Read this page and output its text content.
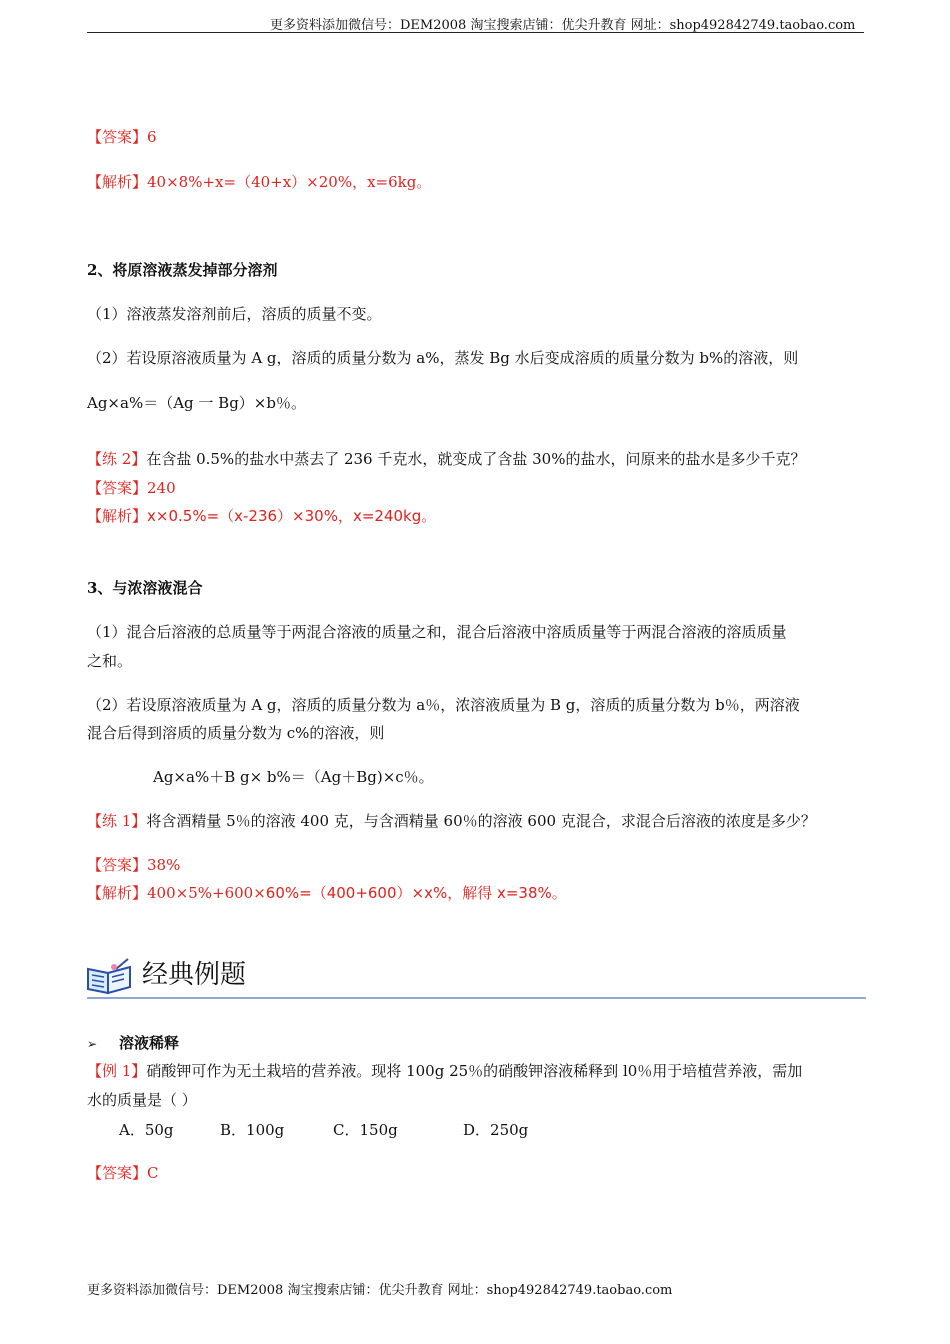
更多资料添加微信号：DEM2008 淘宝搜索店铺：优尖升教育 网址：shop492842749.taobao.com
【答案】6
【解析】40×8%+x=（40+x）×20%，x=6kg。
2、将原溶液蒸发掉部分溶剂
（1）溶液蒸发溶剂前后，溶质的质量不变。
（2）若设原溶液质量为 A g，溶质的质量分数为 a%，蒸发 Bg 水后变成溶质的质量分数为 b%的溶液，则
Ag×a%＝（Ag 一 Bg）×b％。
【练 2】在含盐 0.5%的盐水中蒸去了 236 千克水，就变成了含盐 30%的盐水，问原来的盐水是多少千克？
【答案】240
【解析】x×0.5%=（x-236）×30%，x=240kg。
3、与浓溶液混合
（1）混合后溶液的总质量等于两混合溶液的质量之和，混合后溶液中溶质质量等于两混合溶液的溶质质量
之和。
（2）若设原溶液质量为 A g，溶质的质量分数为 a％，浓溶液质量为 B g，溶质的质量分数为 b％，两溶液
混合后得到溶质的质量分数为 c%的溶液，则
Ag×a%＋B g× b%＝（Ag＋Bg)×c％。
【练 1】将含酒精量 5％的溶液 400 克，与含酒精量 60％的溶液 600 克混合，求混合后溶液的浓度是多少？
【答案】38%
【解析】400×5%+600×60%=（400+600）×x%，解得 x=38%。
经典例题
➢ 溶液稀释
【例 1】硝酸钾可作为无土栽培的营养液。现将 100g 25％的硝酸钾溶液稀释到 l0％用于培植营养液，需加
水的质量是（ ）
A．50g	B．100g	C．150g	D．250g
【答案】C
更多资料添加微信号：DEM2008 淘宝搜索店铺：优尖升教育 网址：shop492842749.taobao.com
